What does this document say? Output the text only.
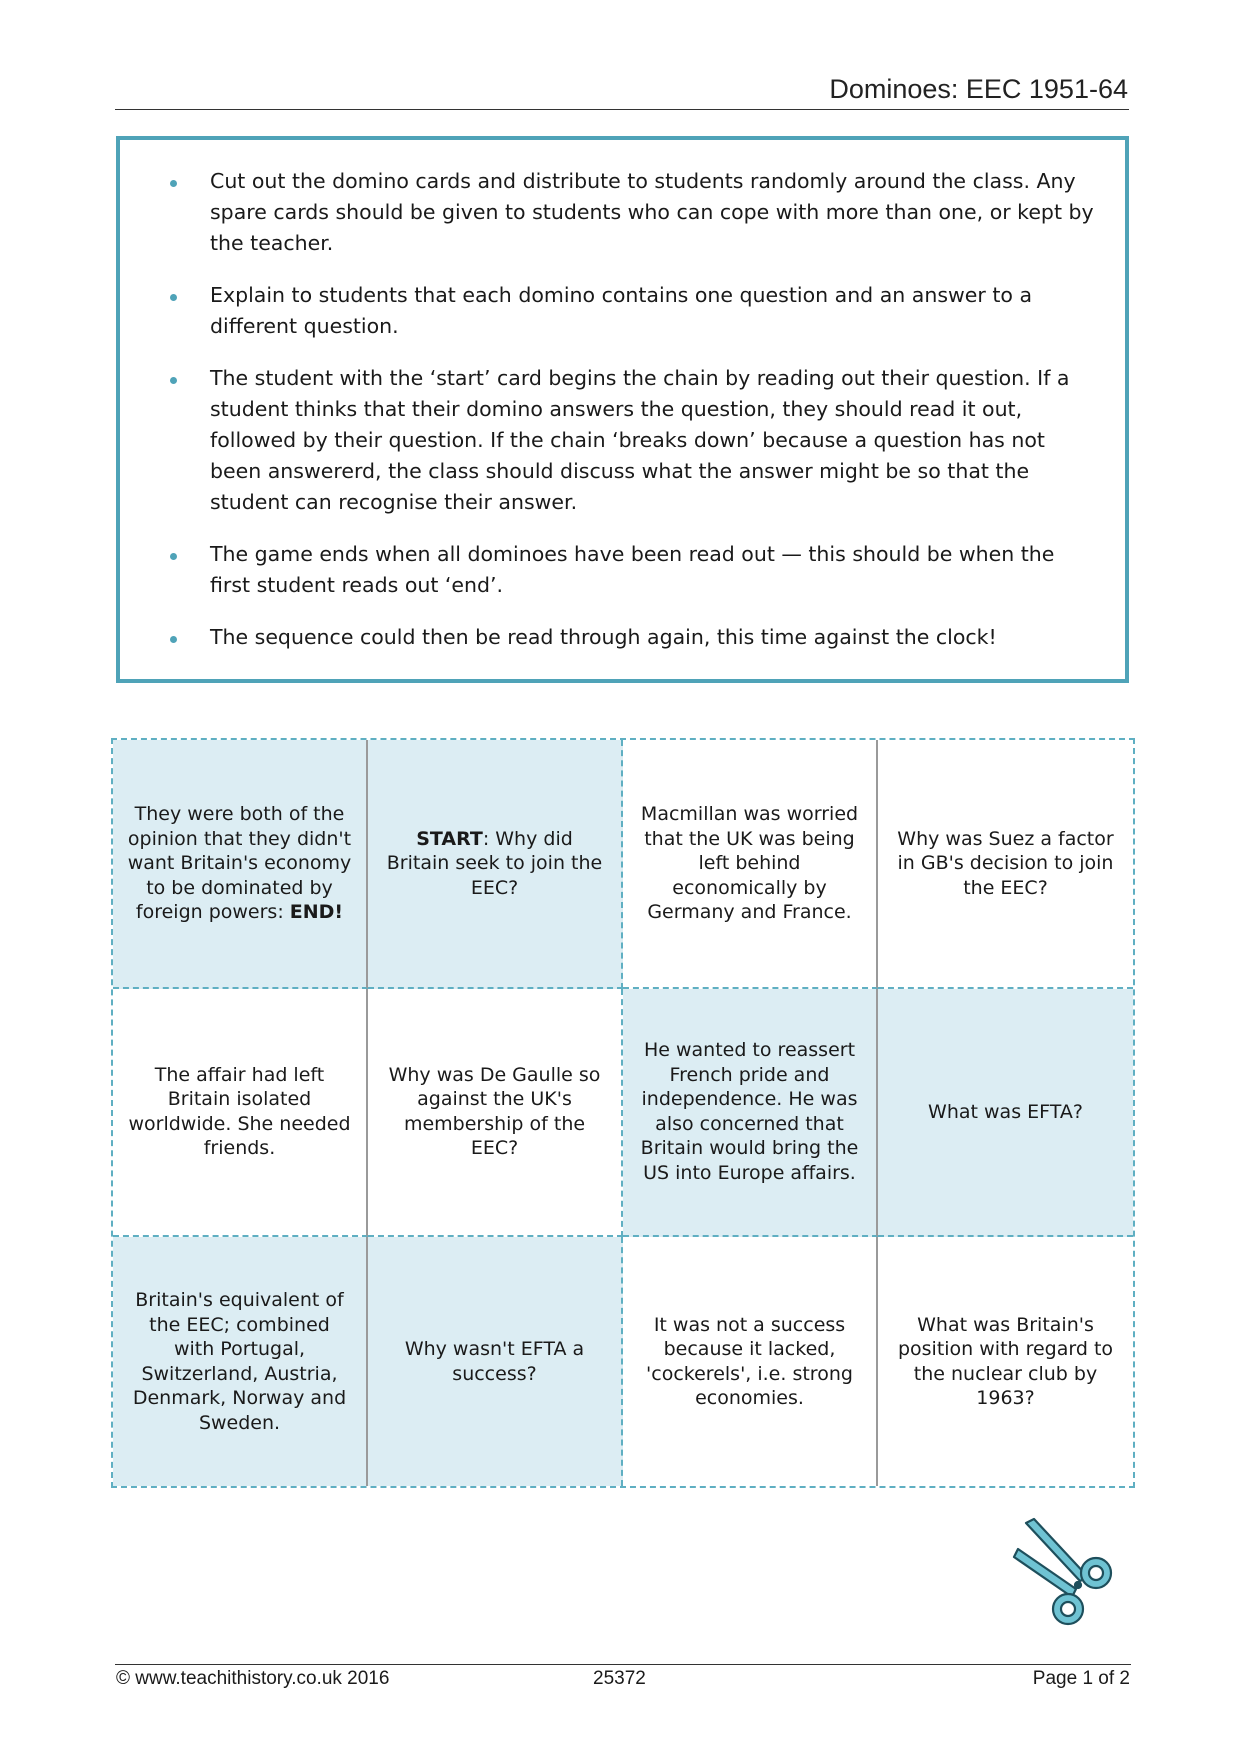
Dominoes: EEC 1951-64
Cut out the domino cards and distribute to students randomly around the class. Any spare cards should be given to students who can cope with more than one, or kept by the teacher.
Explain to students that each domino contains one question and an answer to a different question.
The student with the ‘start’ card begins the chain by reading out their question. If a student thinks that their domino answers the question, they should read it out, followed by their question. If the chain ‘breaks down’ because a question has not been answererd, the class should discuss what the answer might be so that the student can recognise their answer.
The game ends when all dominoes have been read out — this should be when the first student reads out ‘end’.
The sequence could then be read through again, this time against the clock!
They were both of the opinion that they didn't want Britain's economy to be dominated by foreign powers: END!
START: Why did Britain seek to join the EEC?
Macmillan was worried that the UK was being left behind economically by Germany and France.
Why was Suez a factor in GB's decision to join the EEC?
The affair had left Britain isolated worldwide. She needed friends.
Why was De Gaulle so against the UK's membership of the EEC?
He wanted to reassert French pride and independence. He was also concerned that Britain would bring the US into Europe affairs.
What was EFTA?
Britain's equivalent of the EEC; combined with Portugal, Switzerland, Austria, Denmark, Norway and Sweden.
Why wasn't EFTA a success?
It was not a success because it lacked, 'cockerels', i.e. strong economies.
What was Britain's position with regard to the nuclear club by 1963?
© www.teachithistory.co.uk 2016	25372	Page 1 of 2
